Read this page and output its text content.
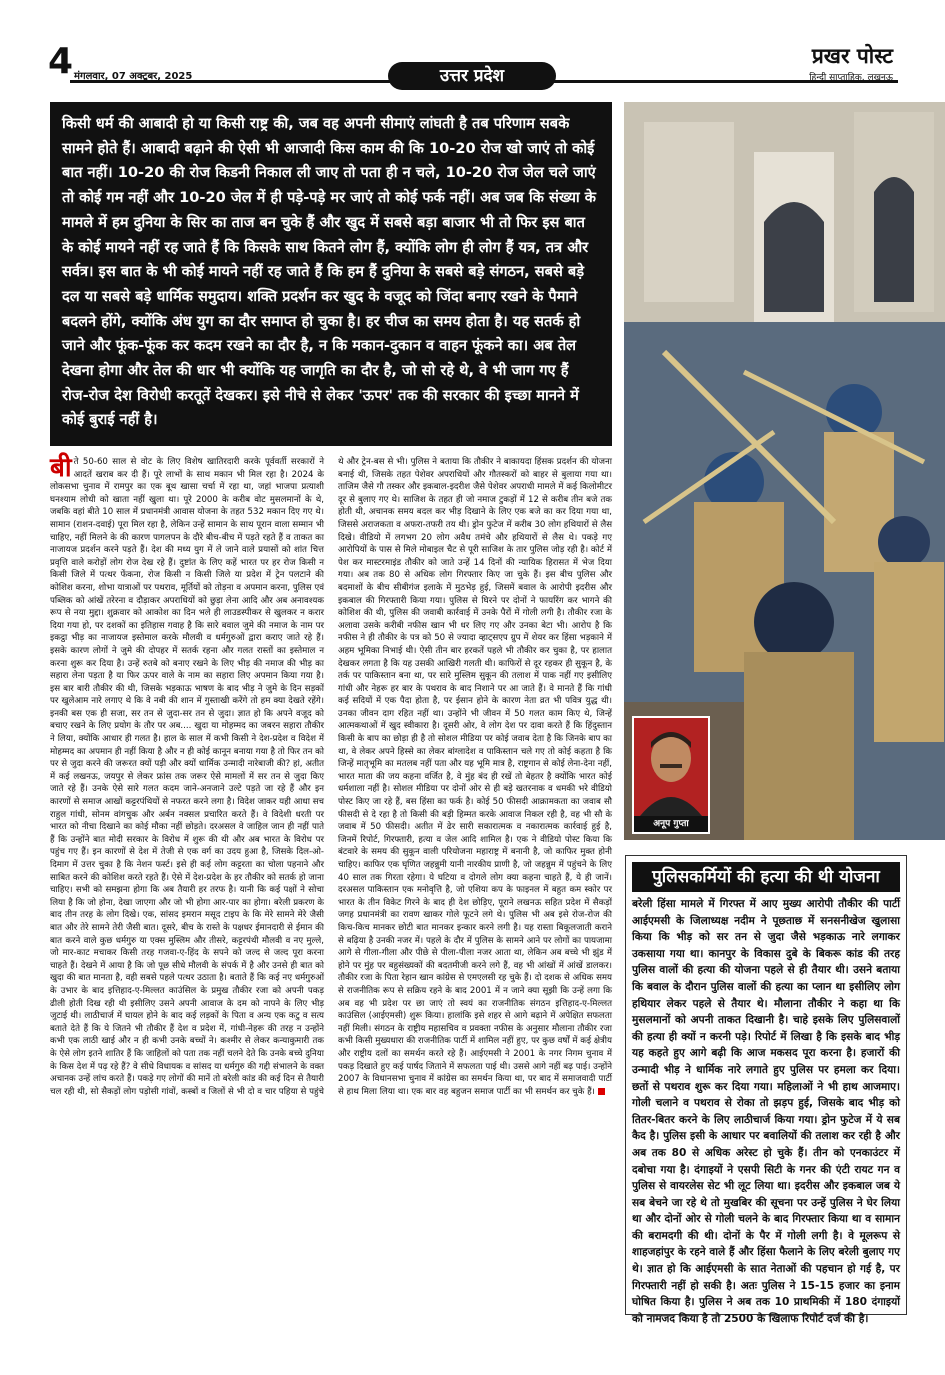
4 मंगलवार, 07 अक्टूबर, 2025	उत्तर प्रदेश
प्रखर पोस्ट
हिन्दी साप्ताहिक, लखनऊ
किसी धर्म की आबादी हो या किसी राष्ट्र की, जब वह अपनी सीमाएं लांघती है तब परिणाम सबके सामने होते हैं। आबादी बढ़ाने की ऐसी भी आजादी किस काम की कि 10-20 रोज खो जाएं तो कोई बात नहीं। 10-20 की रोज किडनी निकाल ली जाए तो पता ही न चले, 10-20 रोज जेल चले जाएं तो कोई गम नहीं और 10-20 जेल में ही पड़े-पड़े मर जाएं तो कोई फर्क नहीं। अब जब कि संख्या के मामले में हम दुनिया के सिर का ताज बन चुके हैं और खुद में सबसे बड़ा बाजार भी तो फिर इस बात के कोई मायने नहीं रह जाते हैं कि किसके साथ कितने लोग हैं, क्योंकि लोग ही लोग हैं यत्र, तत्र और सर्वत्र। इस बात के भी कोई मायने नहीं रह जाते हैं कि हम हैं दुनिया के सबसे बड़े संगठन, सबसे बड़े दल या सबसे बड़े धार्मिक समुदाय। शक्ति प्रदर्शन कर खुद के वजूद को जिंदा बनाए रखने के पैमाने बदलने होंगे, क्योंकि अंध युग का दौर समाप्त हो चुका है। हर चीज का समय होता है। यह सतर्क हो जाने और फूंक-फूंक कर कदम रखने का दौर है, न कि मकान-दुकान व वाहन फूंकने का। अब तेल देखना होगा और तेल की धार भी क्योंकि यह जागृति का दौर है, जो सो रहे थे, वे भी जाग गए हैं रोज-रोज देश विरोधी करतूतें देखकर। इसे नीचे से लेकर 'ऊपर' तक की सरकार की इच्छा मानने में कोई बुराई नहीं है।
बीते 50-60 साल से वोट के लिए विशेष खातिरदारी करके पूर्ववर्ती सरकारों ने आदतें खराब कर दी हैं। पूरे लाभों के साथ मकान भी मिल रहा है। 2024 के लोकसभा चुनाव में रामपुर का एक बूथ खासा चर्चा में रहा था, जहां भाजपा प्रत्याशी घनश्याम लोधी को खाता नहीं खुला था। पूरे 2000 के करीब वोट मुसलमानों के थे, जबकि वहां बीते 10 साल में प्रधानमंत्री आवास योजना के तहत 532 मकान दिए गए थे। सामान (राशन-दवाई) पूरा मिल रहा है, लेकिन उन्हें सामान के साथ पूरान वाला सम्मान भी चाहिए, नहीं मिलने के की कारण पागलपन के दौरे बीच-बीच में पड़ते रहते हैं व ताकत का नाजायज प्रदर्शन करने पड़ते हैं। देश की मध्य युग में ले जाने वाले प्रयासों को शांत चित्त प्रवृत्ति वाले करोड़ों लोग रोज देख रहे हैं। दुष्टांत के लिए कहें भारत पर हर रोज किसी न किसी जिले में पत्थर फेंकना, रोज किसी न किसी जिले या प्रदेश में ट्रेन पलटाने की कोशिश करना, शोभा यात्राओं पर पथराव, मूर्तियों को तोड़ना व अपमान करना, पुलिस एवं पब्लिक को आंखें तरेरना व दौड़ाकर अपराधियों को छुड़ा लेना आदि और अब अनावश्यक रूप से नया मुद्दा। शुक्रवार को आकोश का दिन भले ही लाउडस्पीकर से खुलकर न करार दिया गया हो, पर दशकों का इतिहास गवाह है कि सारे बवाल जुमे की नमाज के नाम पर इकट्ठा भीड़ का नाजायज इस्तेमाल करके मौलवी व धर्मगुरुओं द्वारा कराए जाते रहे हैं। इसके कारण लोगों ने जुमे की दोपहर में सतर्क रहना और गलत रास्तों का इस्तेमाल न करना शुरू कर दिया है। उन्हें रुतबे को बनाए रखने के लिए भीड़ की नमाज की भीड़ का सहारा लेना पड़ता है या फिर ऊपर वाले के नाम का सहारा लिए अपमान किया गया है। इस बार बारी तौकीर की थी, जिसके भड़काऊ भाषण के बाद भीड़ ने जुमे के दिन सड़कों पर खुलेआम नारे लगाए थे कि वे नबी की शान में गुस्ताखी करेंगे तो हम क्या देखते रहेंगे। इनकी बस एक ही सजा, सर तन से जुदा-सर तन से जुदा। ज्ञात हो कि अपने वजूद को बचाए रखने के लिए प्रयोग के तौर पर अब.... खुदा या मोहम्मद का जबरन सहारा तौकीर ने लिया, क्योंकि आधार ही गलत है। हाल के साल में कभी किसी ने देश-प्रदेश व विदेश में मोहम्मद का अपमान ही नहीं किया है और न ही कोई कानून बनाया गया है तो फिर तन को पर से जुदा करने की जरूरत क्यों पड़ी और क्यों धार्मिक उन्मादी नारेबाजी की? हां, अतीत में कई लखनऊ, जयपुर से लेकर फ्रांस तक जरूर ऐसे मामलों में सर तन से जुदा किए जाते रहे हैं। उनके ऐसे सारे गलत कदम जाने-अनजाने उल्टे पड़ते जा रहे हैं और इन कारणों से समाज आखों कट्टरपंथियों से नफरत करने लगा है। विदेश जाकर यही आधा सच राहुल गांधी, सोनम वांगचुक और अर्बन नक्सल प्रचारित करते हैं। वे विदेशी धरती पर भारत को नीचा दिखाने का कोई मौका नहीं छोड़ते। दरअसल वे जाहिल जान ही नहीं पाते हैं कि उन्होंने बात मोदी सरकार के विरोध में शुरू की थी और अब भारत के विरोध पर पहुंच गए हैं। इन कारणों से देश में तेजी से एक वर्ग का उदय हुआ है, जिसके दिल-ओ-दिमाग में उत्तर चुका है कि नेशन फर्स्ट। इसे ही कई लोग कट्टरता का चोला पहनाने और साबित करने की कोशिश करते रहते हैं। ऐसे में देश-प्रदेश के हर तौकीर को सतर्क हो जाना चाहिए। सभी को समझना होगा कि अब तैयारी हर तरफ है। यानी कि कई पक्षों ने सोचा लिया है कि जो होना, देखा जाएगा और जो भी होगा आर-पार का होगा। बरेली प्रकरण के बाद तीन तरह के लोग दिखे। एक, सांसद इमरान मसूद टाइप के कि मेरे सामने मेरे जैसी बात और तेरे सामने तेरी जैसी बात। दूसरे, बीच के रास्ते के पक्षधर ईमानदारी से ईमान की बात करने वाले कुछ धर्मगुरु या एक्स मुस्लिम और तीसरे, कट्टरपंथी मौलवी व नए मुल्ले, जो मार-काट मचाकर किसी तरह गजवा-ए-हिंद के सपने को जल्द से जल्द पूरा करना चाहते हैं। देखने में आया है कि जो पूछ सीधे मौलवी के संपर्क में है और उनसे ही बात को खुदा की बात मानता है, वही सबसे पहले पत्थर उठाता है। बताते हैं कि कई नए धर्मगुरुओं के उभार के बाद इत्तिहाद-ए-मिल्लत काउंसिल के प्रमुख तौकीर रजा को अपनी पकड़ ढीली होती दिख रही थी इसीलिए उसने अपनी आवाज के दम को नापने के लिए भीड़ जुटाई थी। लाठीचार्ज में घायल होने के बाद कई लड़कों के पिता व अन्य एक कटु व सत्य बताते देते हैं कि ये जितने भी तौकीर हैं देश व प्रदेश में, गांधी-नेहरू की तरह न उन्होंने कभी एक लाठी खाई और न ही कभी उनके बच्चों ने। कश्मीर से लेकर कन्याकुमारी तक के ऐसे लोग इतने शातिर हैं कि जाहिलों को पता तक नहीं चलने देते कि उनके बच्चे दुनिया के किस देश में पढ़ रहे हैं? वे सीधे विधायक व सांसद या धर्मगुरु की गद्दी संभालने के वक्त अचानक उन्हें लांच करते हैं। पकड़े गए लोगों की मानें तो बरेली कांड की कई दिन से तैयारी चल रही थी, सो सैकड़ों लोग पड़ोसी गांवों, कस्बों व जिलों से भी दो व चार पहिया से पहुंचे थे और ट्रेन-बस से भी। पुलिस ने बताया कि तौकीर ने बाकायदा हिंसक प्रदर्शन की योजना बनाई थी, जिसके तहत पेशेवर अपराधियों और गौतस्करों को बाहर से बुलाया गया था। ताजिम जैसे गौ तस्कर और इकबाल-इदरीश जैसे पेशेवर अपराधी मामले में कई किलोमीटर दूर से बुलाए गए थे। साजिश के तहत ही जो नमाज टुकड़ों में 12 से करीब तीन बजे तक होती थी, अचानक समय बदल कर भीड़ दिखाने के लिए एक बजे का कर दिया गया था, जिससे अराजकता व अफरा-तफरी तय थी। ड्रोन फुटेज में करीब 30 लोग हथियारों से लैस दिखे। वीडियो में लगभग 20 लोग अवैध तमंचे और हथियारों से लैस थे। पकड़े गए आरोपियों के पास से मिले मोबाइल चैट से पूरी साजिश के तार पुलिस जोड़ रही है। कोर्ट में पेश कर मास्टरमाइंड तौकीर को जाते उन्हें 14 दिनों की न्यायिक हिरासत में भेज दिया गया। अब तक 80 से अधिक लोग गिरफ्तार किए जा चुके हैं। इस बीच पुलिस और बदमाशों के बीच सीबीगंज इलाके में मुठभेड़ हुई, जिसमें बवाल के आरोपी इदरीस और इकबाल की गिरफ्तारी किया गया। पुलिस से घिरने पर दोनों ने फायरिंग कर भागने की कोशिश की थी, पुलिस की जवाबी कार्रवाई में उनके पैरों में गोली लगी है। तौकीर रजा के अलावा उसके करीबी नफीस खान भी धर लिए गए और उनका बेटा भी। आरोप है कि नफीस ने ही तौकीर के पत्र को 50 से ज्यादा व्हाट्सएप ग्रुप में शेयर कर हिंसा भड़काने में अहम भूमिका निभाई थी। ऐसी तीन बार हरकतें पहले भी तौकीर कर चुका है, पर हालात देखकर लगता है कि यह उसकी आखिरी गलती थी। काफिरों से दूर रहकर ही सुकून है, के तर्क पर पाकिस्तान बना था, पर सारे मुस्लिम सुकून की तलाश में पाक नहीं गए इसीलिए गांधी और नेहरू हर बार के पथराव के बाद निशाने पर आ जाते हैं। वे मानते हैं कि गांधी कई सदियों में एक पैदा होता है, पर ईसान होने के कारण नेता व्रत भी पवित्र युद्ध थी। उनका जीवन दाग रहित नहीं था। उन्होंने भी जीवन में 50 गलत काम किए थे, जिन्हें आत्मकथाओं में खुद स्वीकारा है। दूसरी ओर, वे लोग देश पर दावा करते हैं कि हिंदुस्तान किसी के बाप का छोड़ा ही है तो सोशल मीडिया पर कोई जवाब देता है कि जिनके बाप का था, वे लेकर अपने हिस्से का लेकर बांग्लादेश व पाकिस्तान चले गए तो कोई कहता है कि जिन्हें मातृभूमि का मतलब नहीं पता और यह भूमि मात्र है, राष्ट्रगान से कोई लेना-देना नहीं, भारत माता की जय कहना वर्जित है, वे मुंह बंद ही रखें तो बेहतर है क्योंकि भारत कोई धर्मशाला नहीं है। सोशल मीडिया पर दोनों ओर से ही बड़े खतरनाक व धमकी भरे वीडियो पोस्ट किए जा रहे हैं, बस हिंसा का फर्क है। कोई 50 फीसदी आक्रामकता का जवाब सौ फीसदी से दे रहा है तो किसी की बड़ी हिम्मत करके आवाज निकल रही है, वह भी सौ के जवाब में 50 फीसदी। अतीत में ढेर सारी सकारात्मक व नकारात्मक कार्रवाई हुई है, जिनमें रिपोर्ट, गिरफ्तारी, हत्या व जेल आदि शामिल है। एक ने वीडियो पोस्ट किया कि बंटवारे के समय की सुकून वाली परियोजना महाराष्ट्र में बनानी है, जो काफिर मुक्त होनी चाहिए। काफिर एक घृणित जहन्नुमी यानी नारकीय प्राणी है, जो जहन्नुम में पहुंचने के लिए 40 साल तक गिरता रहेगा। ये घटिया व दोगले लोग क्या कहना चाहते हैं, ये ही जानें। दरअसल पाकिस्तान एक मनोवृत्ति है, जो एशिया कप के फाइनल में बहुत कम स्कोर पर भारत के तीन विकेट गिरने के बाद ही देश छोड़िए, पूराने लखनऊ सहित प्रदेश में सैकड़ों जगह प्रधानमंत्री का रावण खाकर गोले फूटने लगे थे। पुलिस भी अब इसे रोज-रोज की किच-किच मानकर छोटी बात मानकर इन्कार करने लगी है। यह रास्ता बिकूलजाती कराने से बढ़िया है उनकी नजर में। पहले के दौर में पुलिस के सामने आने पर लोगों का पायजामा आगे से गीला-गीला और पीछे से पीला-पीला नजर आता था, लेकिन अब बच्चे भी झुंड में होने पर मुंह पर बहुसंख्यकों की बदतमीजी करने लगे हैं, वह भी आंखों में आंखें डालकर। तौकीर रजा के पिता रेहान खान कांग्रेस से एमएलसी रह चुके हैं। दो दशक से अधिक समय से राजनीतिक रूप से सक्रिय रहने के बाद 2001 में न जाने क्या सूझी कि उन्हें लगा कि अब वह भी प्रदेश पर छा जाएं तो स्वयं का राजनीतिक संगठन इत्तिहाद-ए-मिल्लत काउंसिल (आईएमसी) शुरू किया। हालांकि इसे शहर से आगे बढ़ाने में अपेक्षित सफलता नहीं मिली। संगठन के राष्ट्रीय महासचिव व प्रवक्ता नफीस के अनुसार मौलाना तौकीर रजा कभी किसी मुख्यधारा की राजनीतिक पार्टी में शामिल नहीं हुए, पर कुछ वर्षों में कई क्षेत्रीय और राष्ट्रीय दलों का समर्थन करते रहे हैं। आईएमसी ने 2001 के नगर निगम चुनाव में पकड़ दिखाते हुए कई पार्षद जिताने में सफलता पाई थी। उससे आगे नहीं बढ़ पाई। उन्होंने 2007 के विधानसभा चुनाव में कांग्रेस का समर्थन किया था, पर बाद में समाजवादी पार्टी से हाथ मिला लिया था। एक बार वह बहुजन समाज पार्टी का भी समर्थन कर चुके हैं।
अनूप गुप्ता
पुलिसकर्मियों की हत्या की थी योजना
बरेली हिंसा मामले में गिरफ्त में आए मुख्य आरोपी तौकीर की पार्टी आईएमसी के जिलाध्यक्ष नदीम ने पूछताछ में सनसनीखेज खुलासा किया कि भीड़ को सर तन से जुदा जैसे भड़काऊ नारे लगाकर उकसाया गया था। कानपुर के विकास दुबे के बिकरू कांड की तरह पुलिस वालों की हत्या की योजना पहले से ही तैयार थी। उसने बताया कि बवाल के दौरान पुलिस वालों की हत्या का प्लान था इसीलिए लोग हथियार लेकर पहले से तैयार थे। मौलाना तौकीर ने कहा था कि मुसलमानों को अपनी ताकत दिखानी है। चाहे इसके लिए पुलिसवालों की हत्या ही क्यों न करनी पड़े। रिपोर्ट में लिखा है कि इसके बाद भीड़ यह कहते हुए आगे बढ़ी कि आज मकसद पूरा करना है। हजारों की उन्मादी भीड़ ने धार्मिक नारे लगाते हुए पुलिस पर हमला कर दिया। छतों से पथराव शुरू कर दिया गया। महिलाओं ने भी हाथ आजमाए। गोली चलाने व पथराव से रोका तो झड़प हुई, जिसके बाद भीड़ को तितर-बितर करने के लिए लाठीचार्ज किया गया। ड्रोन फुटेज में ये सब कैद है। पुलिस इसी के आधार पर बवालियों की तलाश कर रही है और अब तक 80 से अधिक अरेस्ट हो चुके हैं। तीन को एनकाउंटर में दबोचा गया है। दंगाइयों ने एसपी सिटी के गनर की एंटी रायट गन व पुलिस से वायरलेस सेट भी लूट लिया था। इदरीस और इकबाल जब ये सब बेचने जा रहे थे तो मुखबिर की सूचना पर उन्हें पुलिस ने घेर लिया था और दोनों ओर से गोली चलने के बाद गिरफ्तार किया था व सामान की बरामदगी की थी। दोनों के पैर में गोली लगी है। वे मूलरूप से शाहजहांपुर के रहने वाले हैं और हिंसा फैलाने के लिए बरेली बुलाए गए थे। ज्ञात हो कि आईएमसी के सात नेताओं की पहचान हो गई है, पर गिरफ्तारी नहीं हो सकी है। अतः पुलिस ने 15-15 हजार का इनाम घोषित किया है। पुलिस ने अब तक 10 प्राथमिकी में 180 दंगाइयों को नामजद किया है तो 2500 के खिलाफ रिपोर्ट दर्ज की है।
